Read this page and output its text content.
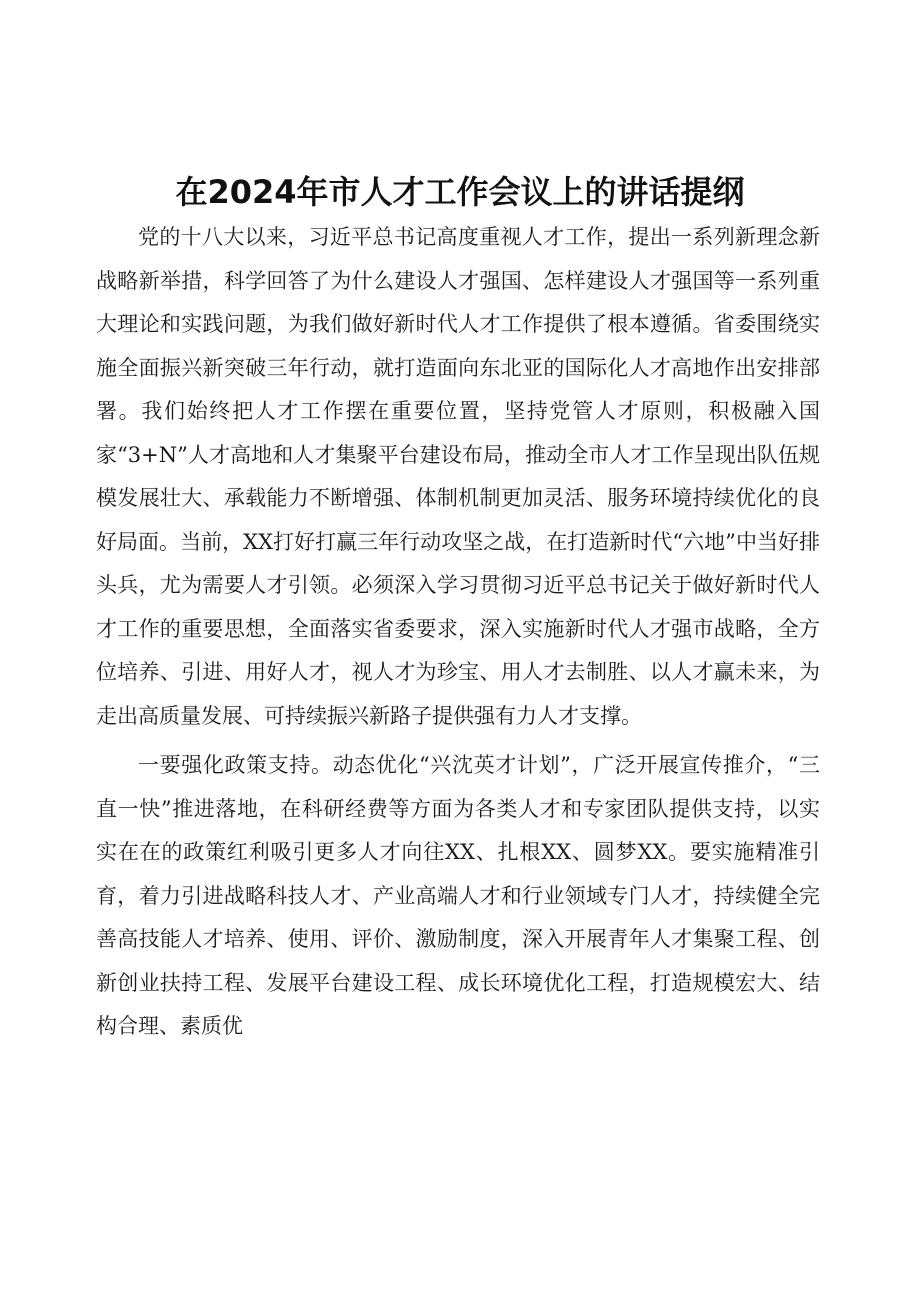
在2024年市人才工作会议上的讲话提纲

党的十八大以来，习近平总书记高度重视人才工作，提出一系列新理念新战略新举措，科学回答了为什么建设人才强国、怎样建设人才强国等一系列重大理论和实践问题，为我们做好新时代人才工作提供了根本遵循。省委围绕实施全面振兴新突破三年行动，就打造面向东北亚的国际化人才高地作出安排部署。我们始终把人才工作摆在重要位置，坚持党管人才原则，积极融入国家“3+N”人才高地和人才集聚平台建设布局，推动全市人才工作呈现出队伍规模发展壮大、承载能力不断增强、体制机制更加灵活、服务环境持续优化的良好局面。当前，XX打好打赢三年行动攻坚之战，在打造新时代“六地”中当好排头兵，尤为需要人才引领。必须深入学习贯彻习近平总书记关于做好新时代人才工作的重要思想，全面落实省委要求，深入实施新时代人才强市战略，全方位培养、引进、用好人才，视人才为珍宝、用人才去制胜、以人才赢未来，为走出高质量发展、可持续振兴新路子提供强有力人才支撑。

一要强化政策支持。动态优化“兴沈英才计划”，广泛开展宣传推介，“三直一快”推进落地，在科研经费等方面为各类人才和专家团队提供支持，以实实在在的政策红利吸引更多人才向往XX、扎根XX、圆梦XX。要实施精准引育，着力引进战略科技人才、产业高端人才和行业领域专门人才，持续健全完善高技能人才培养、使用、评价、激励制度，深入开展青年人才集聚工程、创新创业扶持工程、发展平台建设工程、成长环境优化工程，打造规模宏大、结构合理、素质优
